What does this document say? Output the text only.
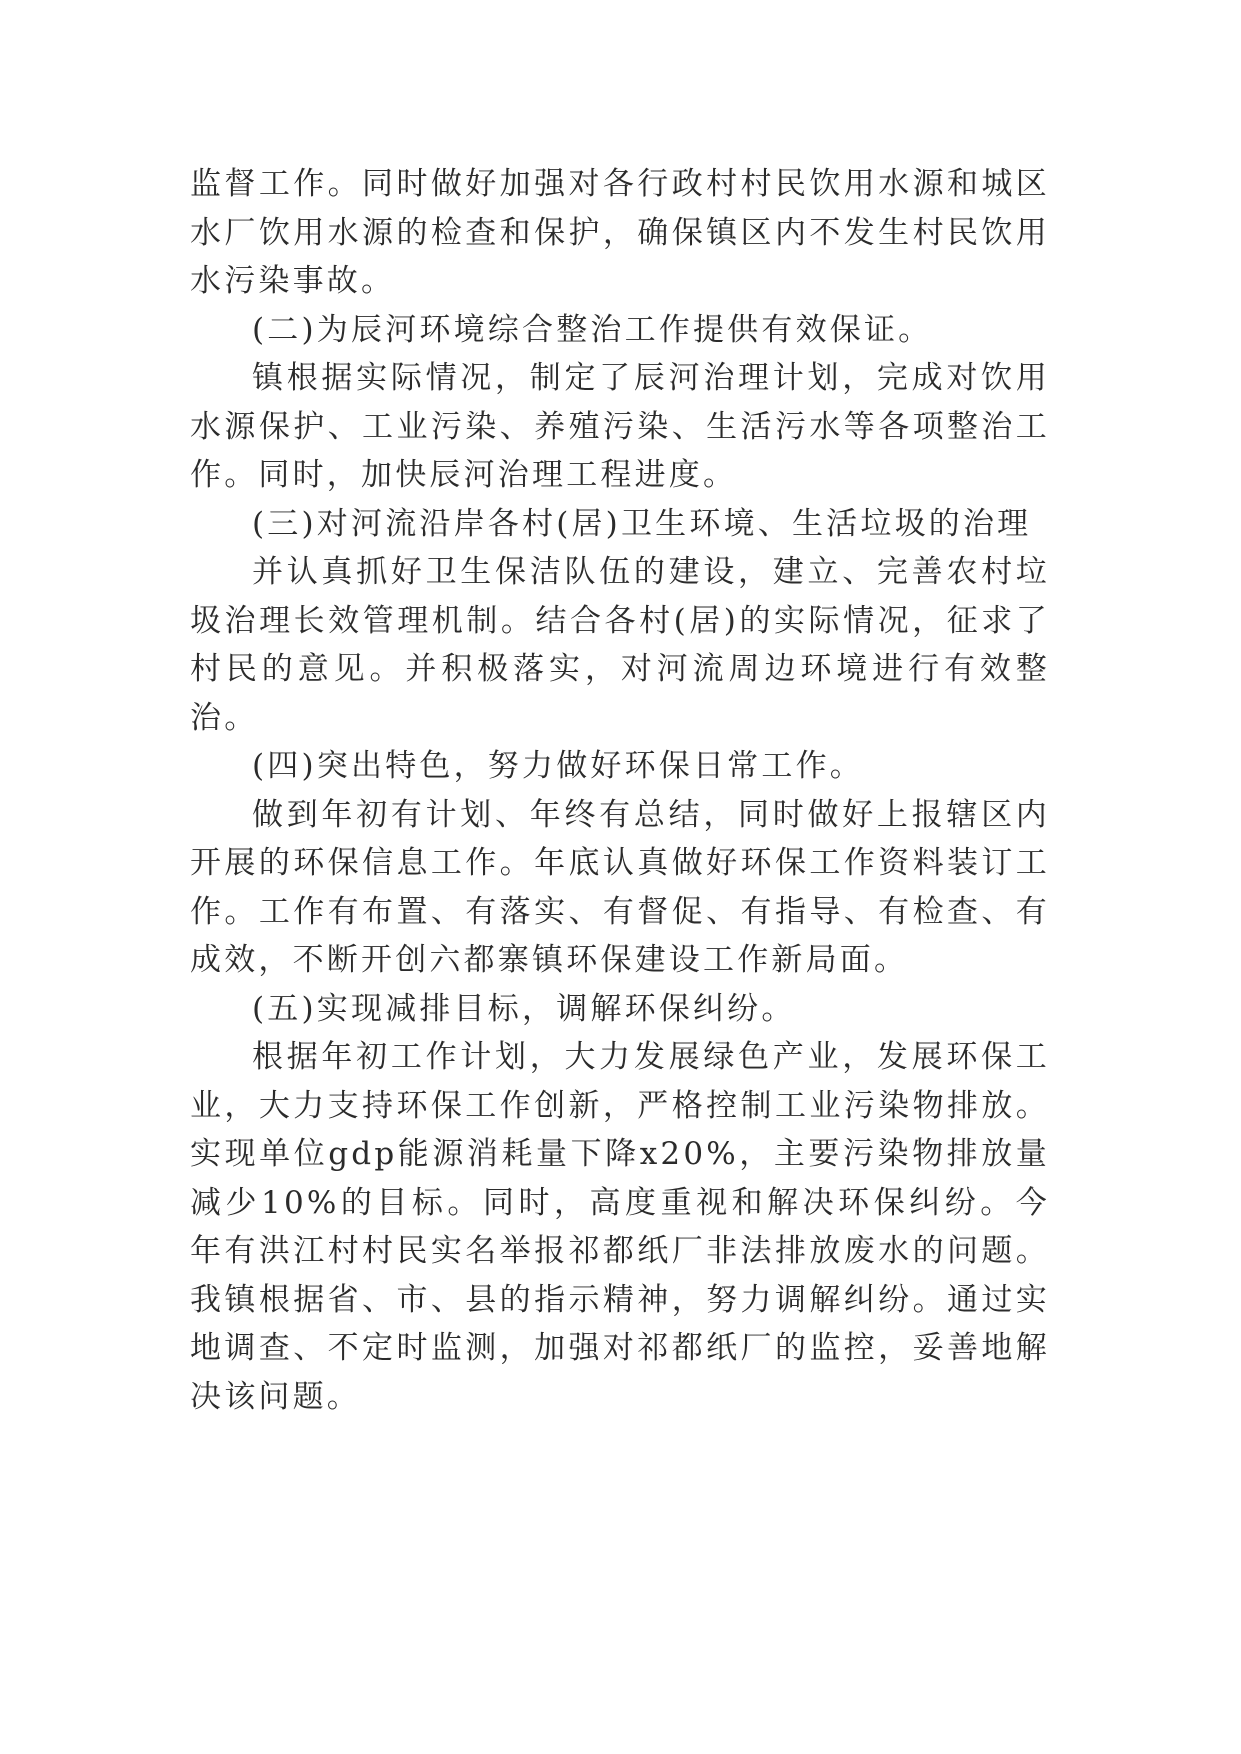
监督工作。同时做好加强对各行政村村民饮用水源和城区水厂饮用水源的检查和保护，确保镇区内不发生村民饮用水污染事故。

(二)为辰河环境综合整治工作提供有效保证。

镇根据实际情况，制定了辰河治理计划，完成对饮用水源保护、工业污染、养殖污染、生活污水等各项整治工作。同时，加快辰河治理工程进度。

(三)对河流沿岸各村(居)卫生环境、生活垃圾的治理

并认真抓好卫生保洁队伍的建设，建立、完善农村垃圾治理长效管理机制。结合各村(居)的实际情况，征求了村民的意见。并积极落实，对河流周边环境进行有效整治。

(四)突出特色，努力做好环保日常工作。

做到年初有计划、年终有总结，同时做好上报辖区内开展的环保信息工作。年底认真做好环保工作资料装订工作。工作有布置、有落实、有督促、有指导、有检查、有成效，不断开创六都寨镇环保建设工作新局面。

(五)实现减排目标，调解环保纠纷。

根据年初工作计划，大力发展绿色产业，发展环保工业，大力支持环保工作创新，严格控制工业污染物排放。实现单位gdp能源消耗量下降x20%，主要污染物排放量减少10%的目标。同时，高度重视和解决环保纠纷。今年有洪江村村民实名举报祁都纸厂非法排放废水的问题。我镇根据省、市、县的指示精神，努力调解纠纷。通过实地调查、不定时监测，加强对祁都纸厂的监控，妥善地解决该问题。
